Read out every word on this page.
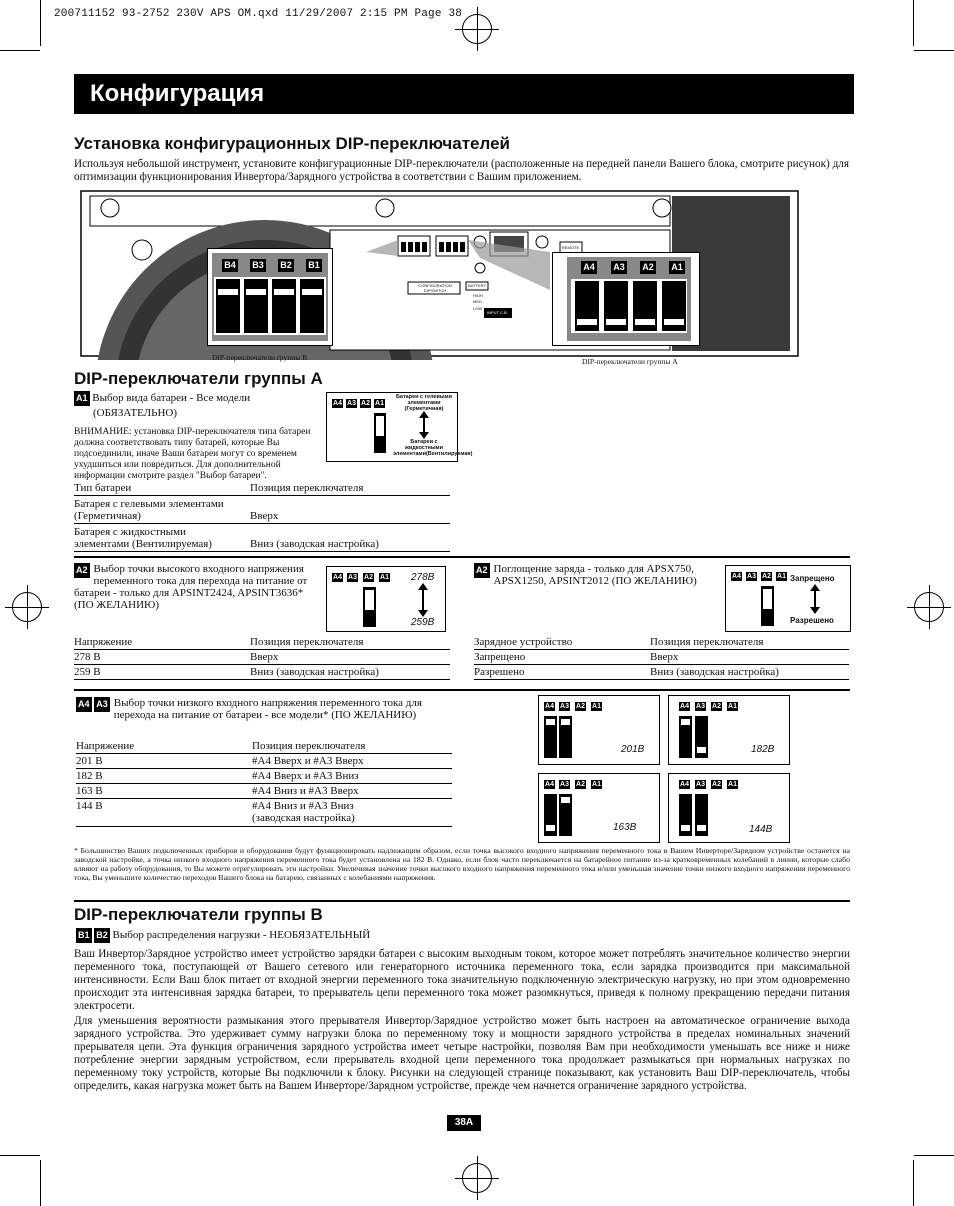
200711152 93-2752 230V APS OM.qxd 11/29/2007 2:15 PM Page 38
Конфигурация
Установка конфигурационных DIP-переключателей
Используя небольшой инструмент, установите конфигурационные DIP-переключатели (расположенные на передней панели Вашего блока, смотрите рисунок) для оптимизации функционирования Инвертора/Зарядного устройства в соответствии с Вашим приложением.
CONFIGURATION DIPSWITCH
BATTERY
HIGH
MED
LOW
INPUT C.B.
REMOTE
B4 B3 B2 B1	A4 A3 A2 A1
DIP-переключатели группы B	DIP-переключатели группы A
DIP-переключатели группы A
A1 Выбор вида батареи - Все модели
(ОБЯЗАТЕЛЬНО)
ВНИМАНИЕ: установка DIP-переключателя типа батареи должна соответствовать типу батарей, которые Вы подсоединили, иначе Ваши батареи могут со временем ухудшиться или повредиться. Для дополнительной информации смотрите раздел "Выбор батареи".
A4 A3 A2 A1
Батареи с гелевыми элементами (Герметичная)
Батареи с жидкостными элементами(Вентилируемая)
Тип батареи	Позиция переключателя
Батарея с гелевыми элементами (Герметичная)	Вверх
Батарея с жидкостными элементами (Вентилируемая)	Вниз (заводская настройка)
A2 Выбор точки высокого входного напряжения переменного тока для перехода на питание от батареи - только для APSINT2424, APSINT3636* (ПО ЖЕЛАНИЮ)
A4 A3 A2 A1 278В
259В
Напряжение	Позиция переключателя
278 В	Вверх
259 В	Вниз (заводская настройка)
A2 Поглощение заряда - только для APSX750, APSX1250, APSINT2012 (ПО ЖЕЛАНИЮ)	A4 A3 A2 A1 Запрещено
Разрешено
Зарядное устройство	Позиция переключателя
Запрещено	Вверх
Разрешено	Вниз (заводская настройка)
A4 A3 Выбор точки низкого входного напряжения переменного тока для перехода на питание от батареи - все модели* (ПО ЖЕЛАНИЮ)
Напряжение	Позиция переключателя
201 В	#A4 Вверх и #A3 Вверх
182 В	#A4 Вверх и #A3 Вниз
163 В	#A4 Вниз и #A3 Вверх
144 В	#A4 Вниз и #A3 Вниз (заводская настройка)
A4 A3 A2 A1
201В
A4 A3 A2 A1
182В
A4 A3 A2 A1
163В
A4 A3 A2 A1
144В
* Большинство Ваших подключенных приборов и оборудования будут функционировать надлежащим образом, если точка высокого входного напряжения переменного тока в Вашем Инверторе/Зарядном устройстве останется на заводской настройке, а точка низкого входного напряжения переменного тока будет установлена на 182 В. Однако, если блок часто переключается на батарейное питание из-за кратковременных колебаний в линии, которые слабо влияют на работу оборудования, то Вы можете отрегулировать эти настройки. Увеличивая значение точки высокого входного напряжения переменного тока и/или уменьшая значение точки низкого входного напряжения переменного тока, Вы уменьшите количество переходов Вашего блока на батарею, связанных с колебаниями напряжения.
DIP-переключатели группы B
B1 B2 Выбор распределения нагрузки - НЕОБЯЗАТЕЛЬНЫЙ
Ваш Инвертор/Зарядное устройство имеет устройство зарядки батареи с высоким выходным током, которое может потреблять значительное количество энергии переменного тока, поступающей от Вашего сетевого или генераторного источника переменного тока, если зарядка производится при максимальной интенсивности. Если Ваш блок питает от входной энергии переменного тока значительную подключенную электрическую нагрузку, но при этом одновременно происходит эта интенсивная зарядка батареи, то прерыватель цепи переменного тока может разомкнуться, приведя к полному прекращению передачи питания электросети.
Для уменьшения вероятности размыкания этого прерывателя Инвертор/Зарядное устройство может быть настроен на автоматическое ограничение выхода зарядного устройства. Это удерживает сумму нагрузки блока по переменному току и мощности зарядного устройства в пределах номинальных значений прерывателя цепи. Эта функция ограничения зарядного устройства имеет четыре настройки, позволяя Вам при необходимости уменьшать все ниже и ниже потребление энергии зарядным устройством, если прерыватель входной цепи переменного тока продолжает размыкаться при нормальных нагрузках по переменному току устройств, которые Вы подключили к блоку. Рисунки на следующей странице показывают, как установить Ваш DIP-переключатель, чтобы определить, какая нагрузка может быть на Вашем Инверторе/Зарядном устройстве, прежде чем начнется ограничение зарядного устройства.
38A
